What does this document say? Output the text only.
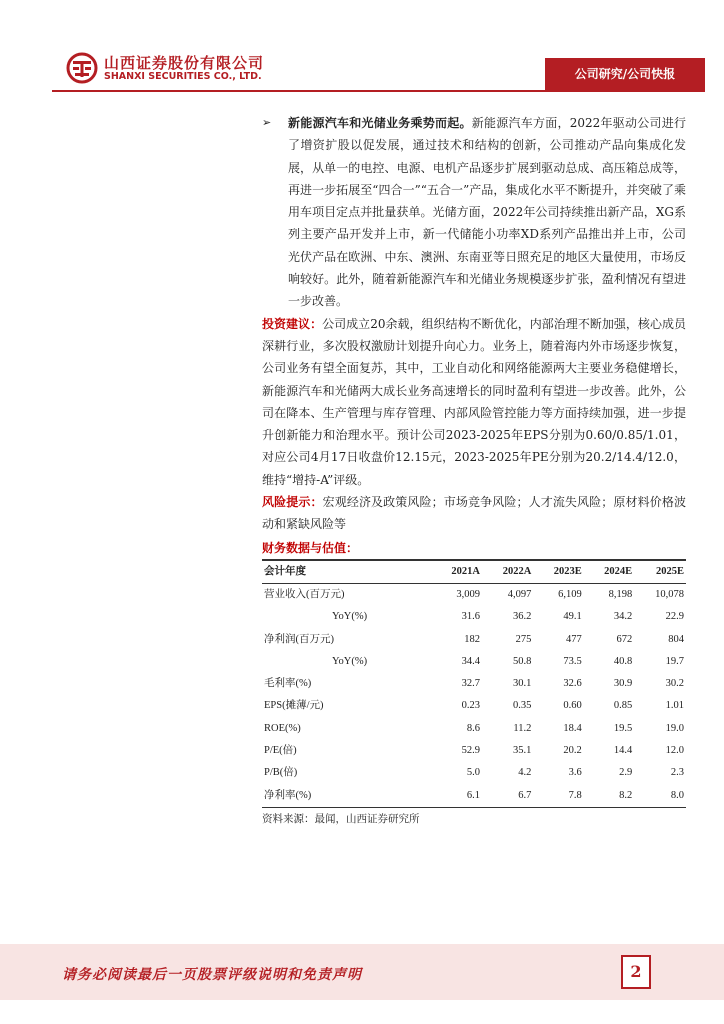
山西证券股份有限公司
SHANXI SECURITIES CO., LTD.	公司研究/公司快报
➢ 新能源汽车和光储业务乘势而起。新能源汽车方面，2022年驱动公司进行了增资扩股以促发展，通过技术和结构的创新，公司推动产品向集成化发展，从单一的电控、电源、电机产品逐步扩展到驱动总成、高压箱总成等，再进一步拓展至“四合一”“五合一”产品，集成化水平不断提升，并突破了乘用车项目定点并批量获单。光储方面，2022年公司持续推出新产品，XG系列主要产品开发并上市，新一代储能小功率XD系列产品推出并上市，公司光伏产品在欧洲、中东、澳洲、东南亚等日照充足的地区大量使用，市场反响较好。此外，随着新能源汽车和光储业务规模逐步扩张，盈利情况有望进一步改善。

投资建议：公司成立20余载，组织结构不断优化，内部治理不断加强，核心成员深耕行业，多次股权激励计划提升向心力。业务上，随着海内外市场逐步恢复，公司业务有望全面复苏，其中，工业自动化和网络能源两大主要业务稳健增长，新能源汽车和光储两大成长业务高速增长的同时盈利有望进一步改善。此外，公司在降本、生产管理与库存管理、内部风险管控能力等方面持续加强，进一步提升创新能力和治理水平。预计公司2023-2025年EPS分别为0.60/0.85/1.01，对应公司4月17日收盘价12.15元，2023-2025年PE分别为20.2/14.4/12.0，维持“增持-A”评级。

风险提示：宏观经济及政策风险；市场竞争风险；人才流失风险；原材料价格波动和紧缺风险等

财务数据与估值：
会计年度	2021A	2022A	2023E	2024E	2025E
营业收入(百万元)	3,009	4,097	6,109	8,198	10,078
YoY(%)	31.6	36.2	49.1	34.2	22.9
净利润(百万元)	182	275	477	672	804
YoY(%)	34.4	50.8	73.5	40.8	19.7
毛利率(%)	32.7	30.1	32.6	30.9	30.2
EPS(摊薄/元)	0.23	0.35	0.60	0.85	1.01
ROE(%)	8.6	11.2	18.4	19.5	19.0
P/E(倍)	52.9	35.1	20.2	14.4	12.0
P/B(倍)	5.0	4.2	3.6	2.9	2.3
净利率(%)	6.1	6.7	7.8	8.2	8.0
资料来源：最闻，山西证券研究所
请务必阅读最后一页股票评级说明和免责声明	2
